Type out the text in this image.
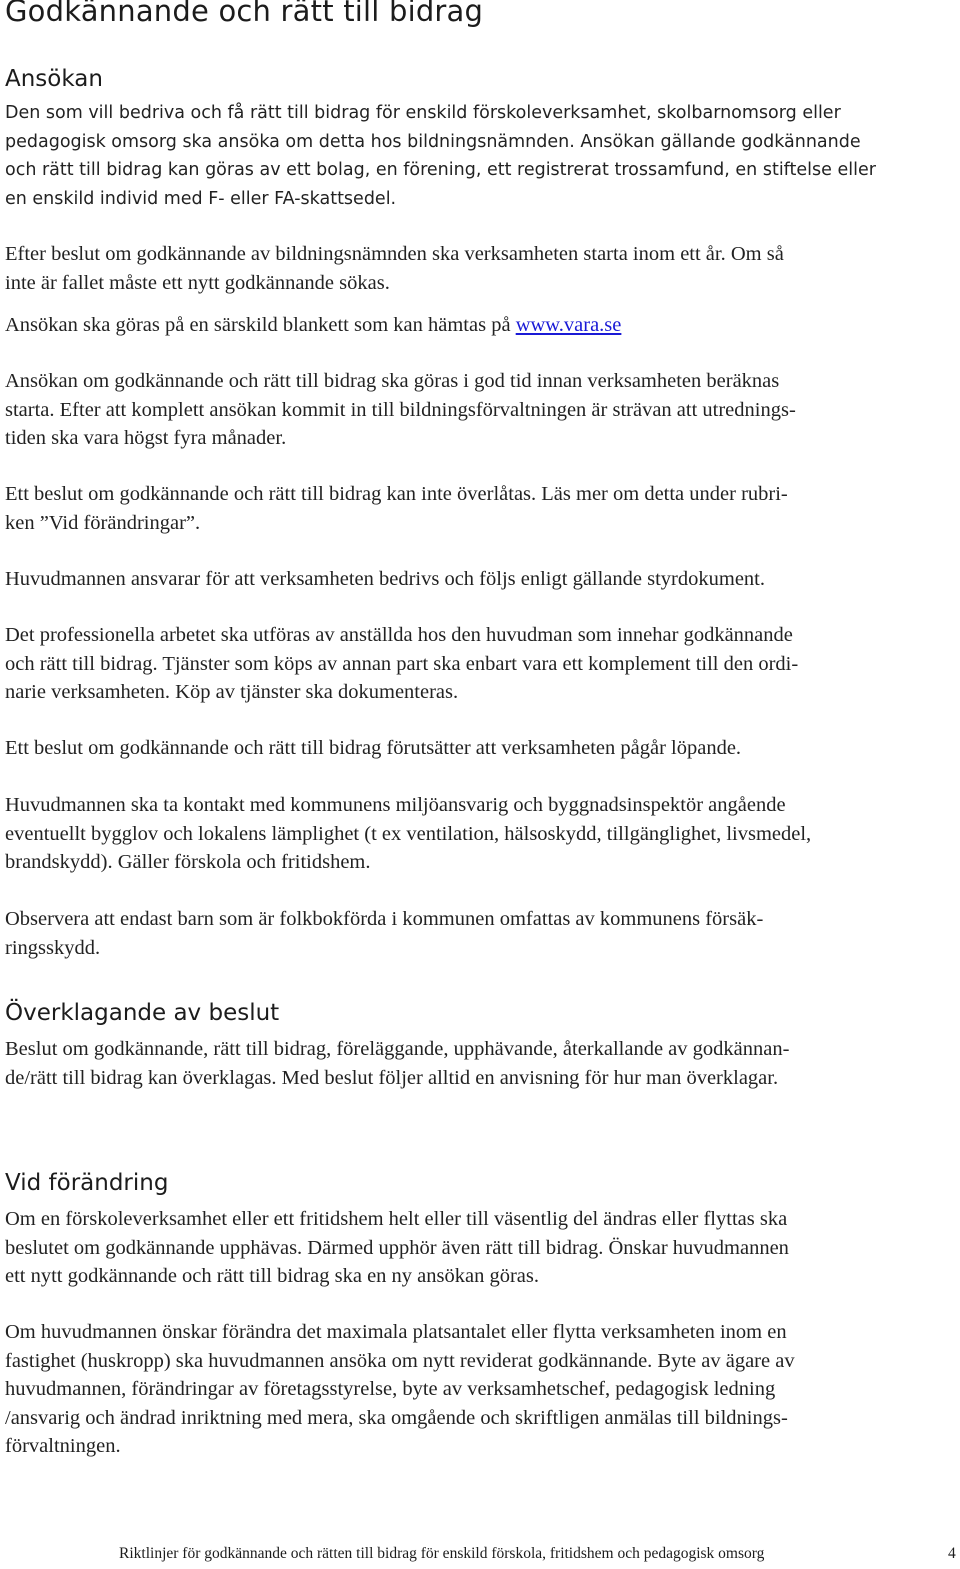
Godkännande och rätt till bidrag
Ansökan
Den som vill bedriva och få rätt till bidrag för enskild förskoleverksamhet, skolbarnomsorg eller
pedagogisk omsorg ska ansöka om detta hos bildningsnämnden. Ansökan gällande godkännande
och rätt till bidrag kan göras av ett bolag, en förening, ett registrerat trossamfund, en stiftelse eller
en enskild individ med F- eller FA-skattsedel.
Efter beslut om godkännande av bildningsnämnden ska verksamheten starta inom ett år. Om så
inte är fallet måste ett nytt godkännande sökas.
Ansökan ska göras på en särskild blankett som kan hämtas på www.vara.se
Ansökan om godkännande och rätt till bidrag ska göras i god tid innan verksamheten beräknas
starta. Efter att komplett ansökan kommit in till bildningsförvaltningen är strävan att utrednings-
tiden ska vara högst fyra månader.
Ett beslut om godkännande och rätt till bidrag kan inte överlåtas. Läs mer om detta under rubri-
ken ”Vid förändringar”.
Huvudmannen ansvarar för att verksamheten bedrivs och följs enligt gällande styrdokument.
Det professionella arbetet ska utföras av anställda hos den huvudman som innehar godkännande
och rätt till bidrag. Tjänster som köps av annan part ska enbart vara ett komplement till den ordi-
narie verksamheten. Köp av tjänster ska dokumenteras.
Ett beslut om godkännande och rätt till bidrag förutsätter att verksamheten pågår löpande.
Huvudmannen ska ta kontakt med kommunens miljöansvarig och byggnadsinspektör angående
eventuellt bygglov och lokalens lämplighet (t ex ventilation, hälsoskydd, tillgänglighet, livsmedel,
brandskydd). Gäller förskola och fritidshem.
Observera att endast barn som är folkbokförda i kommunen omfattas av kommunens försäk-
ringsskydd.
Överklagande av beslut
Beslut om godkännande, rätt till bidrag, föreläggande, upphävande, återkallande av godkännan-
de/rätt till bidrag kan överklagas. Med beslut följer alltid en anvisning för hur man överklagar.
Vid förändring
Om en förskoleverksamhet eller ett fritidshem helt eller till väsentlig del ändras eller flyttas ska
beslutet om godkännande upphävas. Därmed upphör även rätt till bidrag. Önskar huvudmannen
ett nytt godkännande och rätt till bidrag ska en ny ansökan göras.
Om huvudmannen önskar förändra det maximala platsantalet eller flytta verksamheten inom en
fastighet (huskropp) ska huvudmannen ansöka om nytt reviderat godkännande. Byte av ägare av
huvudmannen, förändringar av företagsstyrelse, byte av verksamhetschef, pedagogisk ledning
/ansvarig och ändrad inriktning med mera, ska omgående och skriftligen anmälas till bildnings-
förvaltningen.
Riktlinjer för godkännande och rätten till bidrag för enskild förskola, fritidshem och pedagogisk omsorg	4
